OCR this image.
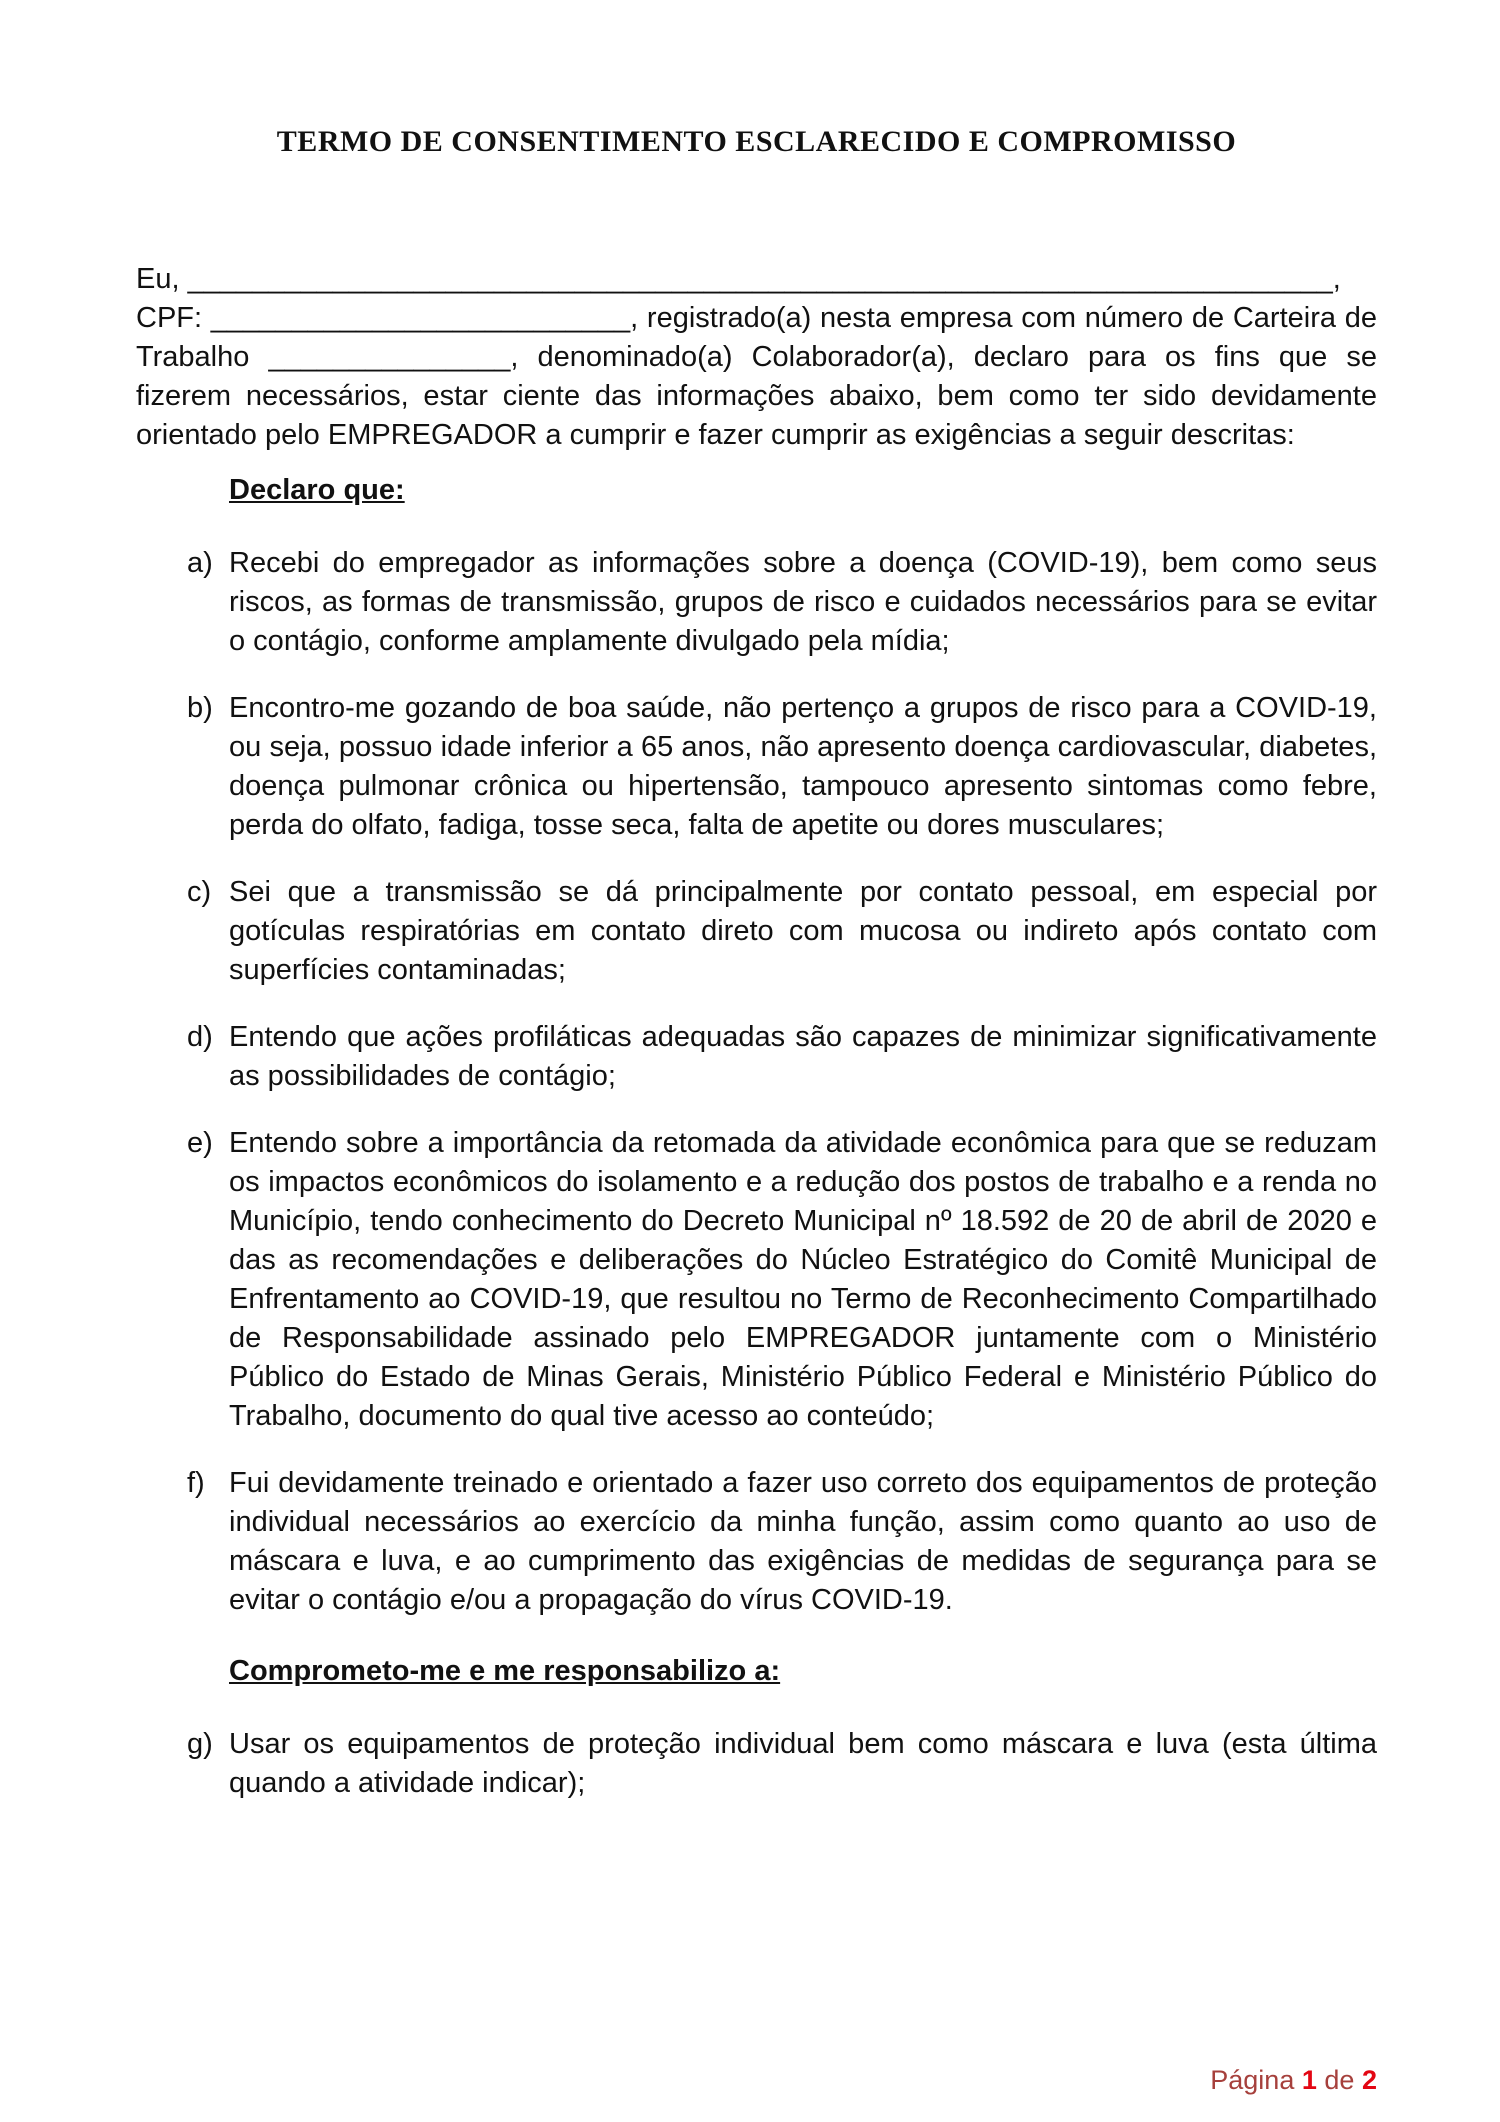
TERMO DE CONSENTIMENTO ESCLARECIDO E COMPROMISSO
Eu, _______________________________________________________________________,
CPF: __________________________, registrado(a) nesta empresa com número de Carteira de Trabalho _______________, denominado(a) Colaborador(a), declaro para os fins que se fizerem necessários, estar ciente das informações abaixo, bem como ter sido devidamente orientado pelo EMPREGADOR a cumprir e fazer cumprir as exigências a seguir descritas:
Declaro que:
a) Recebi do empregador as informações sobre a doença (COVID-19), bem como seus riscos, as formas de transmissão, grupos de risco e cuidados necessários para se evitar o contágio, conforme amplamente divulgado pela mídia;
b) Encontro-me gozando de boa saúde, não pertenço a grupos de risco para a COVID-19, ou seja, possuo idade inferior a 65 anos, não apresento doença cardiovascular, diabetes, doença pulmonar crônica ou hipertensão, tampouco apresento sintomas como febre, perda do olfato, fadiga, tosse seca, falta de apetite ou dores musculares;
c) Sei que a transmissão se dá principalmente por contato pessoal, em especial por gotículas respiratórias em contato direto com mucosa ou indireto após contato com superfícies contaminadas;
d) Entendo que ações profiláticas adequadas são capazes de minimizar significativamente as possibilidades de contágio;
e) Entendo sobre a importância da retomada da atividade econômica para que se reduzam os impactos econômicos do isolamento e a redução dos postos de trabalho e a renda no Município, tendo conhecimento do Decreto Municipal nº 18.592 de 20 de abril de 2020 e das as recomendações e deliberações do Núcleo Estratégico do Comitê Municipal de Enfrentamento ao COVID-19, que resultou no Termo de Reconhecimento Compartilhado de Responsabilidade assinado pelo EMPREGADOR juntamente com o Ministério Público do Estado de Minas Gerais, Ministério Público Federal e Ministério Público do Trabalho, documento do qual tive acesso ao conteúdo;
f) Fui devidamente treinado e orientado a fazer uso correto dos equipamentos de proteção individual necessários ao exercício da minha função, assim como quanto ao uso de máscara e luva, e ao cumprimento das exigências de medidas de segurança para se evitar o contágio e/ou a propagação do vírus COVID-19.
Comprometo-me e me responsabilizo a:
g) Usar os equipamentos de proteção individual bem como máscara e luva (esta última quando a atividade indicar);
Página 1 de 2
